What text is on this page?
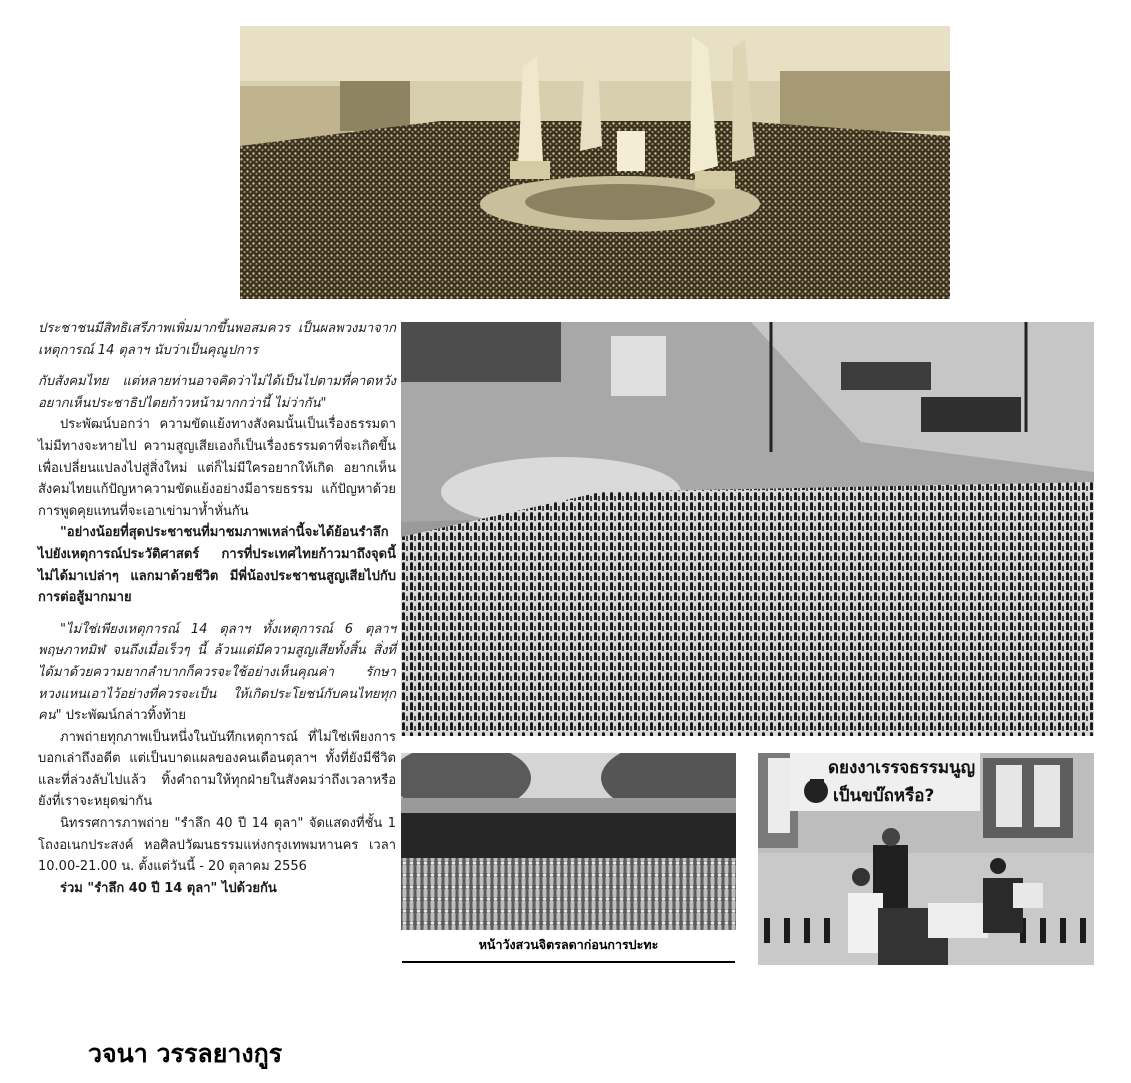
หน้าวังสวนจิตรลดาก่อนการปะทะ
ดยงงาเรรจธรรมนูญ
เป็นขบ๊ถหรือ?

ประชาชนมีสิทธิเสรีภาพเพิ่มมากขึ้นพอสมควร เป็นผลพวงมาจากเหตุการณ์ 14 ตุลาฯ นับว่าเป็นคุณูปการ

กับสังคมไทย แต่หลายท่านอาจคิดว่าไม่ได้เป็นไปตามที่คาดหวัง อยากเห็นประชาธิปไตยก้าวหน้ามากกว่านี้ ไม่ว่ากัน"

ประพัฒน์บอกว่า ความขัดแย้งทางสังคมนั้นเป็นเรื่องธรรมดาไม่มีทางจะหายไป ความสูญเสียเองก็เป็นเรื่องธรรมดาที่จะเกิดขึ้นเพื่อเปลี่ยนแปลงไปสู่สิ่งใหม่ แต่ก็ไม่มีใครอยากให้เกิด อยากเห็นสังคมไทยแก้ปัญหาความขัดแย้งอย่างมีอารยธรรม แก้ปัญหาด้วยการพูดคุยแทนที่จะเอาเข่ามาห้ำหั่นกัน

"อย่างน้อยที่สุดประชาชนที่มาชมภาพเหล่านี้จะได้ย้อนรำลึกไปยังเหตุการณ์ประวัติศาสตร์ การที่ประเทศไทยก้าวมาถึงจุดนี้ ไม่ได้มาเปล่าๆ แลกมาด้วยชีวิต มีพี่น้องประชาชนสูญเสียไปกับการต่อสู้มากมาย

"ไม่ใช่เพียงเหตุการณ์ 14 ตุลาฯ ทั้งเหตุการณ์ 6 ตุลาฯ พฤษภาทมิฬ จนถึงเมื่อเร็วๆ นี้ ล้วนแต่มีความสูญเสียทั้งสิ้น สิ่งที่ได้มาด้วยความยากลำบากก็ควรจะใช้อย่างเห็นคุณค่า รักษาหวงแหนเอาไว้อย่างที่ควรจะเป็น ให้เกิดประโยชน์กับคนไทยทุกคน" ประพัฒน์กล่าวทิ้งท้าย

ภาพถ่ายทุกภาพเป็นหนึ่งในบันทึกเหตุการณ์ ที่ไม่ใช่เพียงการบอกเล่าถึงอดีต แต่เป็นบาดแผลของคนเดือนตุลาฯ ทั้งที่ยังมีชีวิตและที่ล่วงลับไปแล้ว ทิ้งคำถามให้ทุกฝ่ายในสังคมว่าถึงเวลาหรือยังที่เราจะหยุดฆ่ากัน

นิทรรศการภาพถ่าย "รำลึก 40 ปี 14 ตุลา" จัดแสดงที่ชั้น 1 โถงอเนกประสงค์ หอศิลปวัฒนธรรมแห่งกรุงเทพมหานคร เวลา 10.00-21.00 น. ตั้งแต่วันนี้ - 20 ตุลาคม 2556

ร่วม "รำลึก 40 ปี 14 ตุลา" ไปด้วยกัน

วจนา วรรลยางกูร
